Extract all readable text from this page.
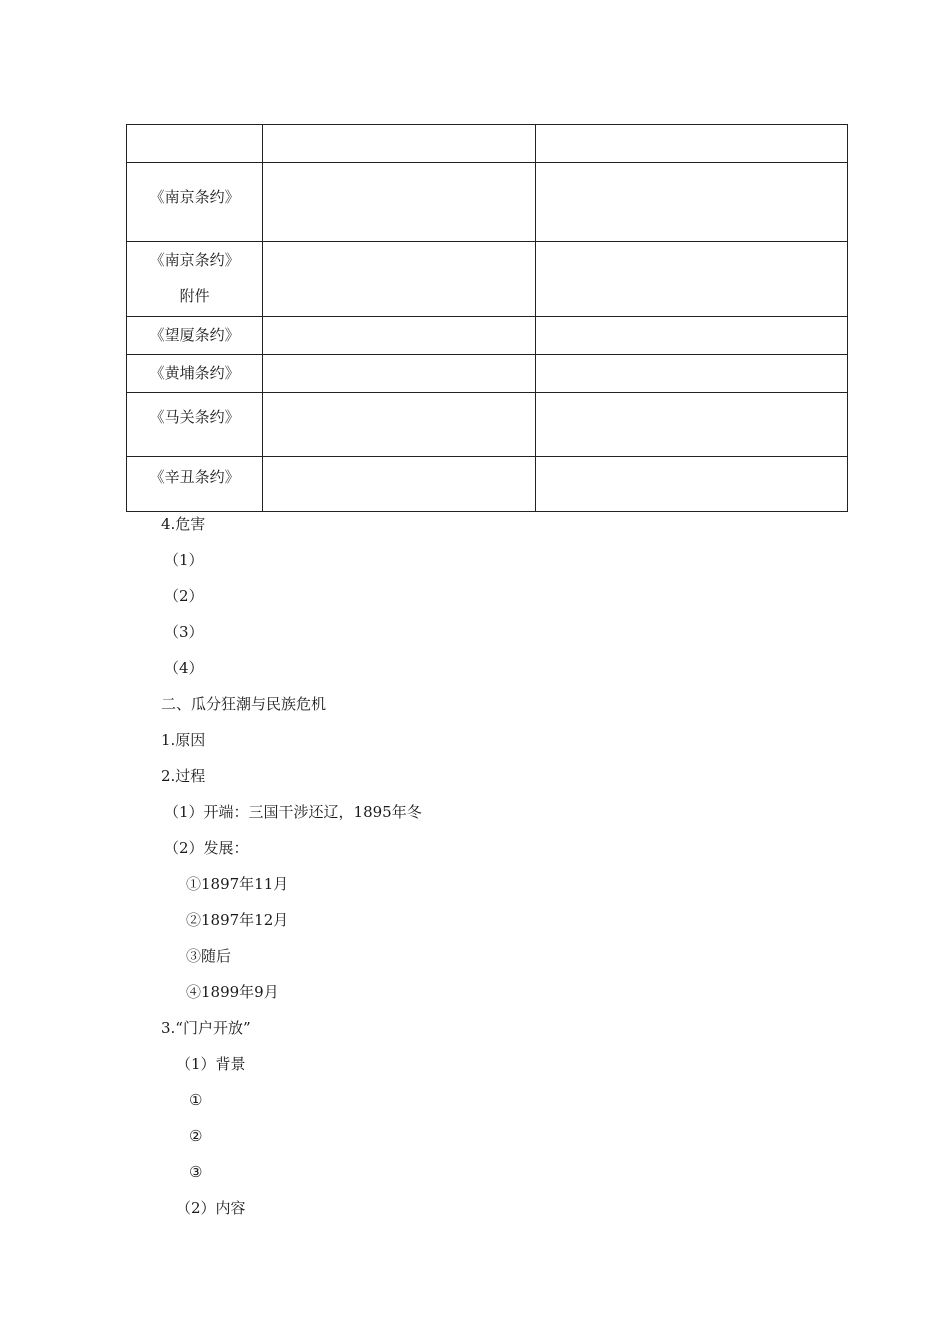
《南京条约》		

《南京条约》
附件		

《望厦条约》		
《黄埔条约》		
《马关条约》		
《辛丑条约》		
4.危害
（1）
（2）
（3）
（4）
二、瓜分狂潮与民族危机
1.原因
2.过程
（1）开端：三国干涉还辽，1895年冬
（2）发展：
①1897年11月
②1897年12月
③随后
④1899年9月
3.“门户开放”
（1）背景
①
②
③
（2）内容
